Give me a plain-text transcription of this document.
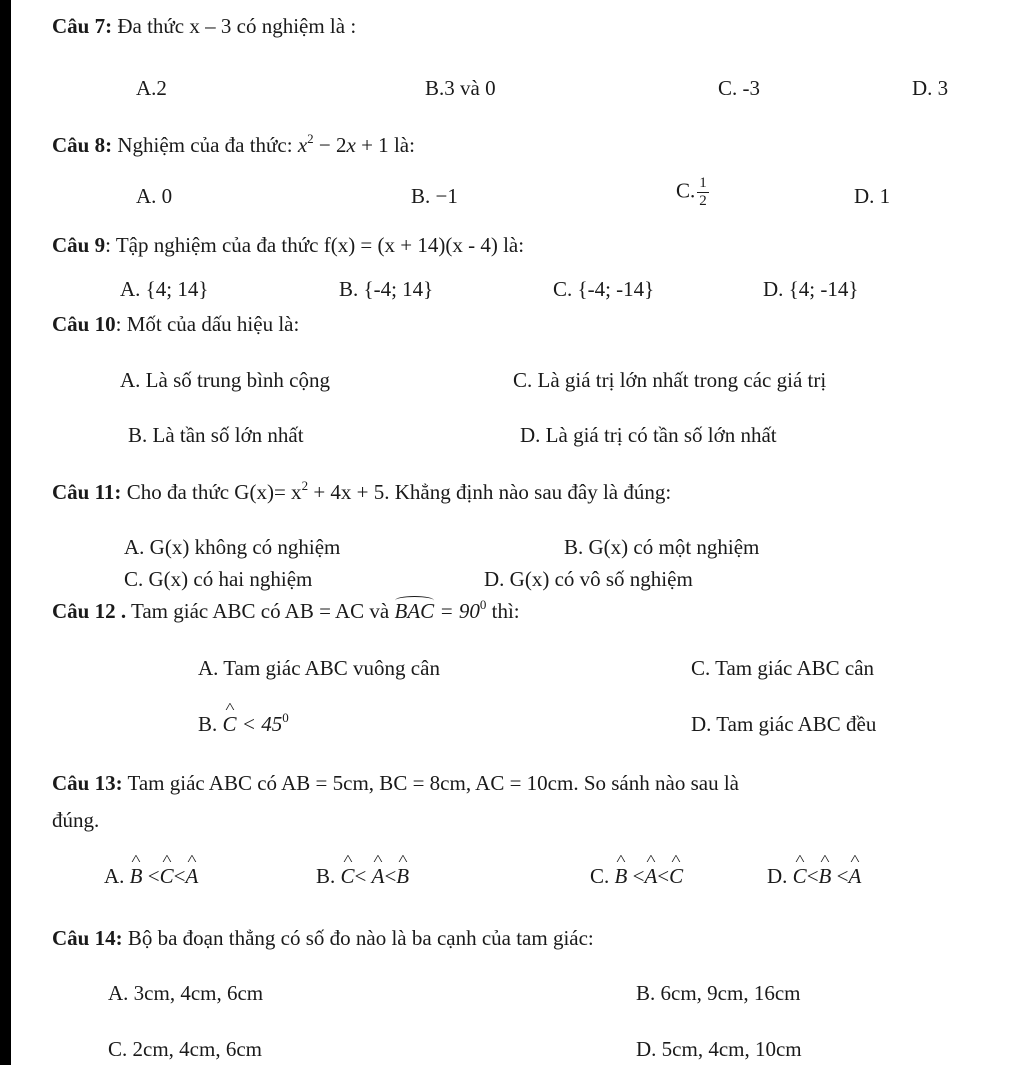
Câu 7: Đa thức x – 3 có nghiệm là :
A.2	B.3 và 0	C. -3	D. 3
Câu 8: Nghiệm của đa thức: $x^2 - 2x + 1$ là:
A. 0	B. −1	C. $\frac{1}{2}$	D. 1
Câu 9: Tập nghiệm của đa thức f(x) = (x + 14)(x - 4) là:
A. {4; 14}	B. {-4; 14}	C. {-4; -14}	D. {4; -14}
Câu 10: Mốt của dấu hiệu là:
A. Là số trung bình cộng	C. Là giá trị lớn nhất trong các giá trị
B. Là tần số lớn nhất	D. Là giá trị có tần số lớn nhất
Câu 11: Cho đa thức $G(x)= x^2 + 4x + 5$. Khẳng định nào sau đây là đúng:
A. G(x) không có nghiệm	B. G(x) có một nghiệm
C. G(x) có hai nghiệm	D. G(x) có vô số nghiệm
Câu 12 . Tam giác ABC có AB = AC và BAC = $90^0$ thì:
A. Tam giác ABC vuông cân	C. Tam giác ABC cân
B. ^ $C < 45^0$	D. Tam giác ABC đều
Câu 13: Tam giác ABC có AB = 5cm, BC = 8cm, AC = 10cm. So sánh nào sau là
đúng.
A. ^ B <^ C<^ A	B. ^ C< ^ A<^ B	C. ^ B <^ A<^ C	D. ^ C<^ B <^ A
Câu 14: Bộ ba đoạn thẳng có số đo nào là ba cạnh của tam giác:
A. 3cm, 4cm, 6cm	B. 6cm, 9cm, 16cm
C. 2cm, 4cm, 6cm	D. 5cm, 4cm, 10cm
